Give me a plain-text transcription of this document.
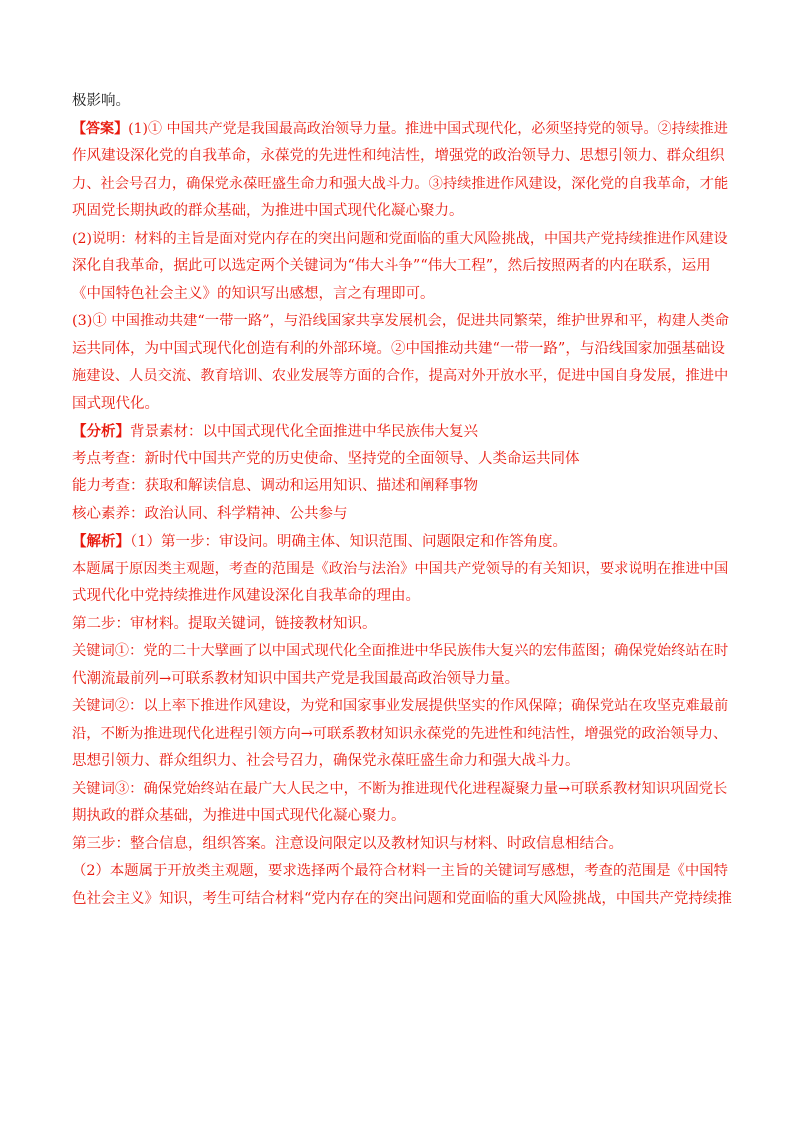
极影响。
【答案】(1)① 中国共产党是我国最高政治领导力量。推进中国式现代化，必须坚持党的领导。②持续推进
作风建设深化党的自我革命，永葆党的先进性和纯洁性，增强党的政治领导力、思想引领力、群众组织
力、社会号召力，确保党永葆旺盛生命力和强大战斗力。③持续推进作风建设，深化党的自我革命，才能
巩固党长期执政的群众基础，为推进中国式现代化凝心聚力。
(2)说明：材料的主旨是面对党内存在的突出问题和党面临的重大风险挑战，中国共产党持续推进作风建设
深化自我革命，据此可以选定两个关键词为“伟大斗争”“伟大工程”，然后按照两者的内在联系，运用
《中国特色社会主义》的知识写出感想，言之有理即可。
(3)① 中国推动共建“一带一路”，与沿线国家共享发展机会，促进共同繁荣，维护世界和平，构建人类命
运共同体，为中国式现代化创造有利的外部环境。②中国推动共建“一带一路”，与沿线国家加强基础设
施建设、人员交流、教育培训、农业发展等方面的合作，提高对外开放水平，促进中国自身发展，推进中
国式现代化。
【分析】背景素材：以中国式现代化全面推进中华民族伟大复兴
考点考查：新时代中国共产党的历史使命、坚持党的全面领导、人类命运共同体
能力考查：获取和解读信息、调动和运用知识、描述和阐释事物
核心素养：政治认同、科学精神、公共参与
【解析】（1）第一步：审设问。明确主体、知识范围、问题限定和作答角度。
本题属于原因类主观题，考查的范围是《政治与法治》中国共产党领导的有关知识，要求说明在推进中国
式现代化中党持续推进作风建设深化自我革命的理由。
第二步：审材料。提取关键词，链接教材知识。
关键词①：党的二十大擘画了以中国式现代化全面推进中华民族伟大复兴的宏伟蓝图；确保党始终站在时
代潮流最前列→可联系教材知识中国共产党是我国最高政治领导力量。
关键词②：以上率下推进作风建设，为党和国家事业发展提供坚实的作风保障；确保党站在攻坚克难最前
沿，不断为推进现代化进程引领方向→可联系教材知识永葆党的先进性和纯洁性，增强党的政治领导力、
思想引领力、群众组织力、社会号召力，确保党永葆旺盛生命力和强大战斗力。
关键词③：确保党始终站在最广大人民之中，不断为推进现代化进程凝聚力量→可联系教材知识巩固党长
期执政的群众基础，为推进中国式现代化凝心聚力。
第三步：整合信息，组织答案。注意设问限定以及教材知识与材料、时政信息相结合。
（2）本题属于开放类主观题，要求选择两个最符合材料一主旨的关键词写感想，考查的范围是《中国特
色社会主义》知识，考生可结合材料“党内存在的突出问题和党面临的重大风险挑战，中国共产党持续推
